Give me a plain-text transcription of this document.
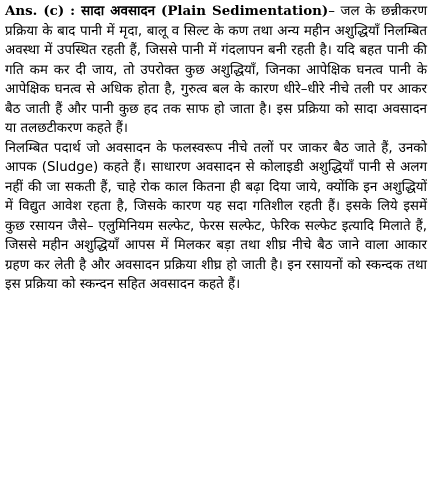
Ans. (c) : सादा अवसादन (Plain Sedimentation)– जल के छन्नीकरण प्रक्रिया के बाद पानी में मृदा, बालू व सिल्ट के कण तथा अन्य महीन अशुद्धियाँ निलम्बित अवस्था में उपस्थित रहती हैं, जिससे पानी में गंदलापन बनी रहती है। यदि बहत पानी की गति कम कर दी जाय, तो उपरोक्त कुछ अशुद्धियाँ, जिनका आपेक्षिक घनत्व पानी के आपेक्षिक घनत्व से अधिक होता है, गुरुत्व बल के कारण धीरे–धीरे नीचे तली पर आकर बैठ जाती हैं और पानी कुछ हद तक साफ हो जाता है। इस प्रक्रिया को सादा अवसादन या तलछटीकरण कहते हैं।

निलम्बित पदार्थ जो अवसादन के फलस्वरूप नीचे तलों पर जाकर बैठ जाते हैं, उनको आपक (Sludge) कहते हैं। साधारण अवसादन से कोलाइडी अशुद्धियाँ पानी से अलग नहीं की जा सकती हैं, चाहे रोक काल कितना ही बढ़ा दिया जाये, क्योंकि इन अशुद्धियों में विद्युत आवेश रहता है, जिसके कारण यह सदा गतिशील रहती हैं। इसके लिये इसमें कुछ रसायन जैसे– एलुमिनियम सल्फेट, फेरस सल्फेट, फेरिक सल्फेट इत्यादि मिलाते हैं, जिससे महीन अशुद्धियाँ आपस में मिलकर बड़ा तथा शीघ्र नीचे बैठ जाने वाला आकार ग्रहण कर लेती है और अवसादन प्रक्रिया शीघ्र हो जाती है। इन रसायनों को स्कन्दक तथा इस प्रक्रिया को स्कन्दन सहित अवसादन कहते हैं।
